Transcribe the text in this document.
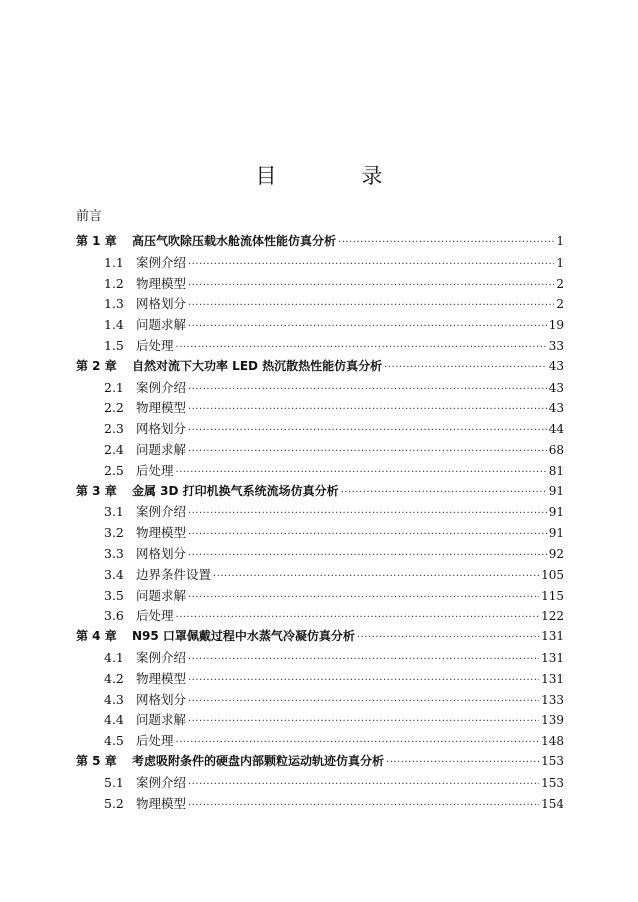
目　录
前言
第 1 章	高压气吹除压载水舱流体性能仿真分析 ·····	1
1.1 案例介绍 ·····	1
1.2 物理模型 ·····	2
1.3 网格划分 ·····	2
1.4 问题求解 ·····	19
1.5 后处理 ·····	33
第 2 章	自然对流下大功率 LED 热沉散热性能仿真分析 ·····	43
2.1 案例介绍 ·····	43
2.2 物理模型 ·····	43
2.3 网格划分 ·····	44
2.4 问题求解 ·····	68
2.5 后处理 ·····	81
第 3 章	金属 3D 打印机换气系统流场仿真分析 ·····	91
3.1 案例介绍 ·····	91
3.2 物理模型 ·····	91
3.3 网格划分 ·····	92
3.4 边界条件设置 ·····	105
3.5 问题求解 ·····	115
3.6 后处理 ·····	122
第 4 章	N95 口罩佩戴过程中水蒸气冷凝仿真分析 ·····	131
4.1 案例介绍 ·····	131
4.2 物理模型 ·····	131
4.3 网格划分 ·····	133
4.4 问题求解 ·····	139
4.5 后处理 ·····	148
第 5 章	考虑吸附条件的硬盘内部颗粒运动轨迹仿真分析 ·····	153
5.1 案例介绍 ·····	153
5.2 物理模型 ·····	154
